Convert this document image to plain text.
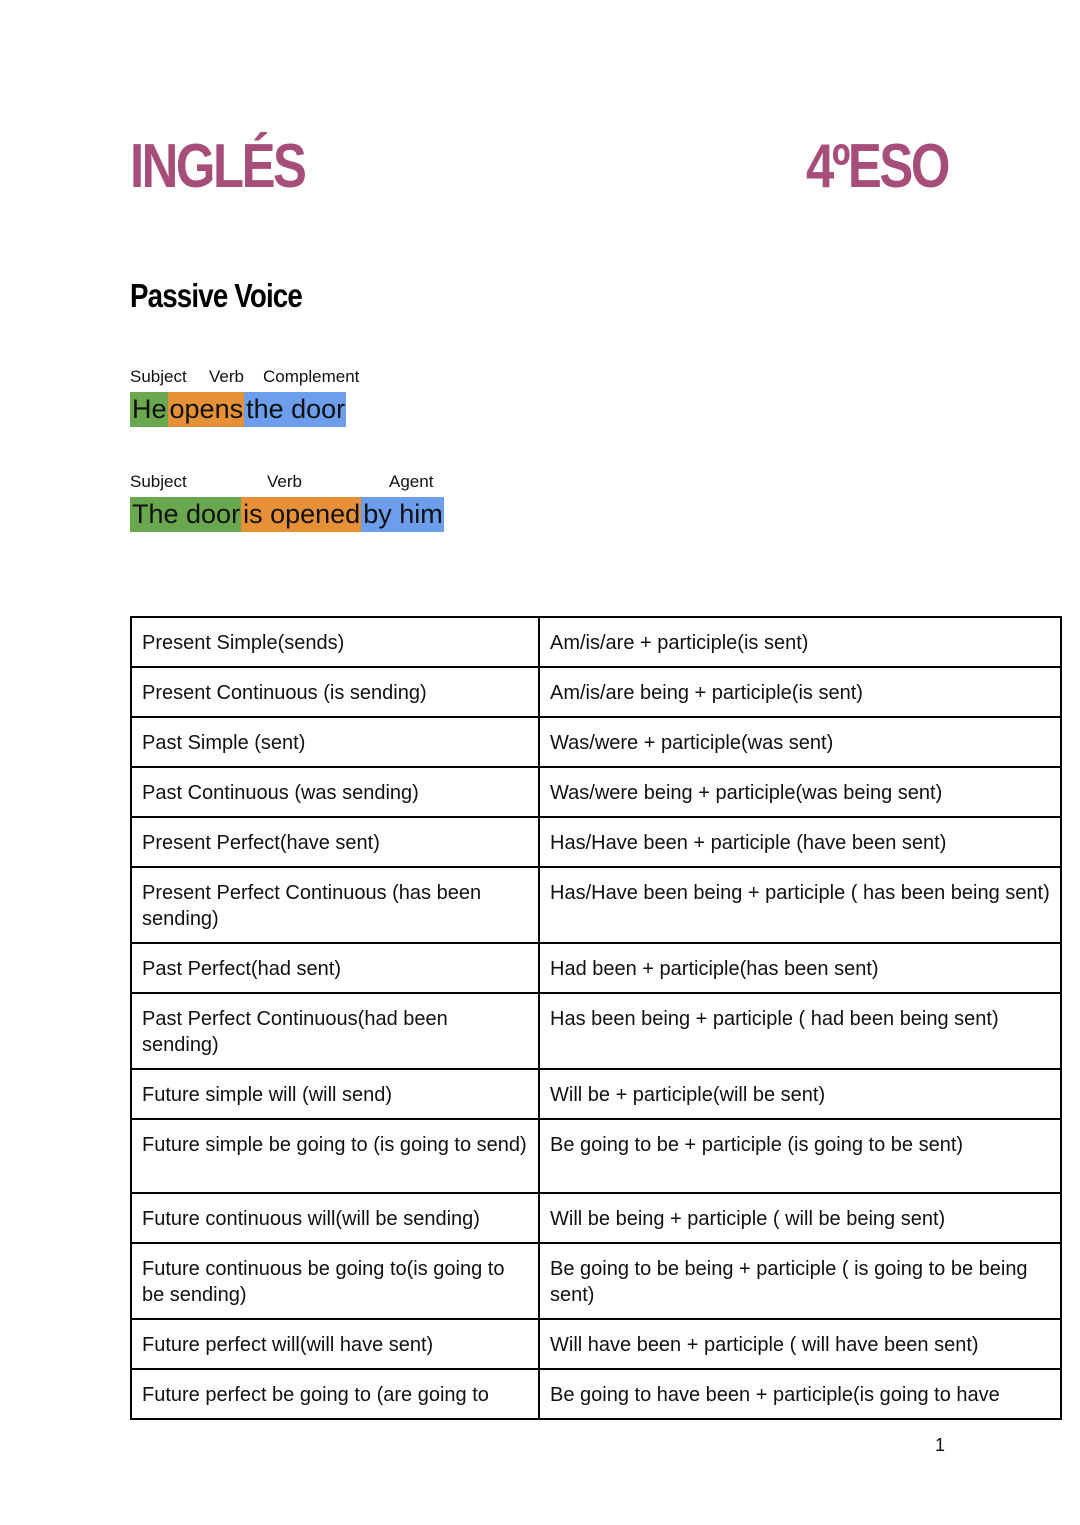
INGLÉS	4ºESO
Passive Voice
Subject Verb Complement
He opens the door
Subject	Verb	Agent
The door is opened by him
Present Simple(sends)	Am/is/are + participle(is sent)
Present Continuous (is sending)	Am/is/are being + participle(is sent)
Past Simple (sent)	Was/were + participle(was sent)
Past Continuous (was sending)	Was/were being + participle(was being sent)
Present Perfect(have sent)	Has/Have been + participle (have been sent)
Present Perfect Continuous (has been sending)	Has/Have been being + participle ( has been being sent)
Past Perfect(had sent)	Had been + participle(has been sent)
Past Perfect Continuous(had been sending)	Has been being + participle ( had been being sent)
Future simple will (will send)	Will be + participle(will be sent)
Future simple be going to (is going to send)	Be going to be + participle (is going to be sent)
Future continuous will(will be sending)	Will be being + participle ( will be being sent)
Future continuous be going to(is going to be sending)	Be going to be being + participle ( is going to be being sent)
Future perfect will(will have sent)	Will have been + participle ( will have been sent)
Future perfect be going to (are going to	Be going to have been + participle(is going to have
1
